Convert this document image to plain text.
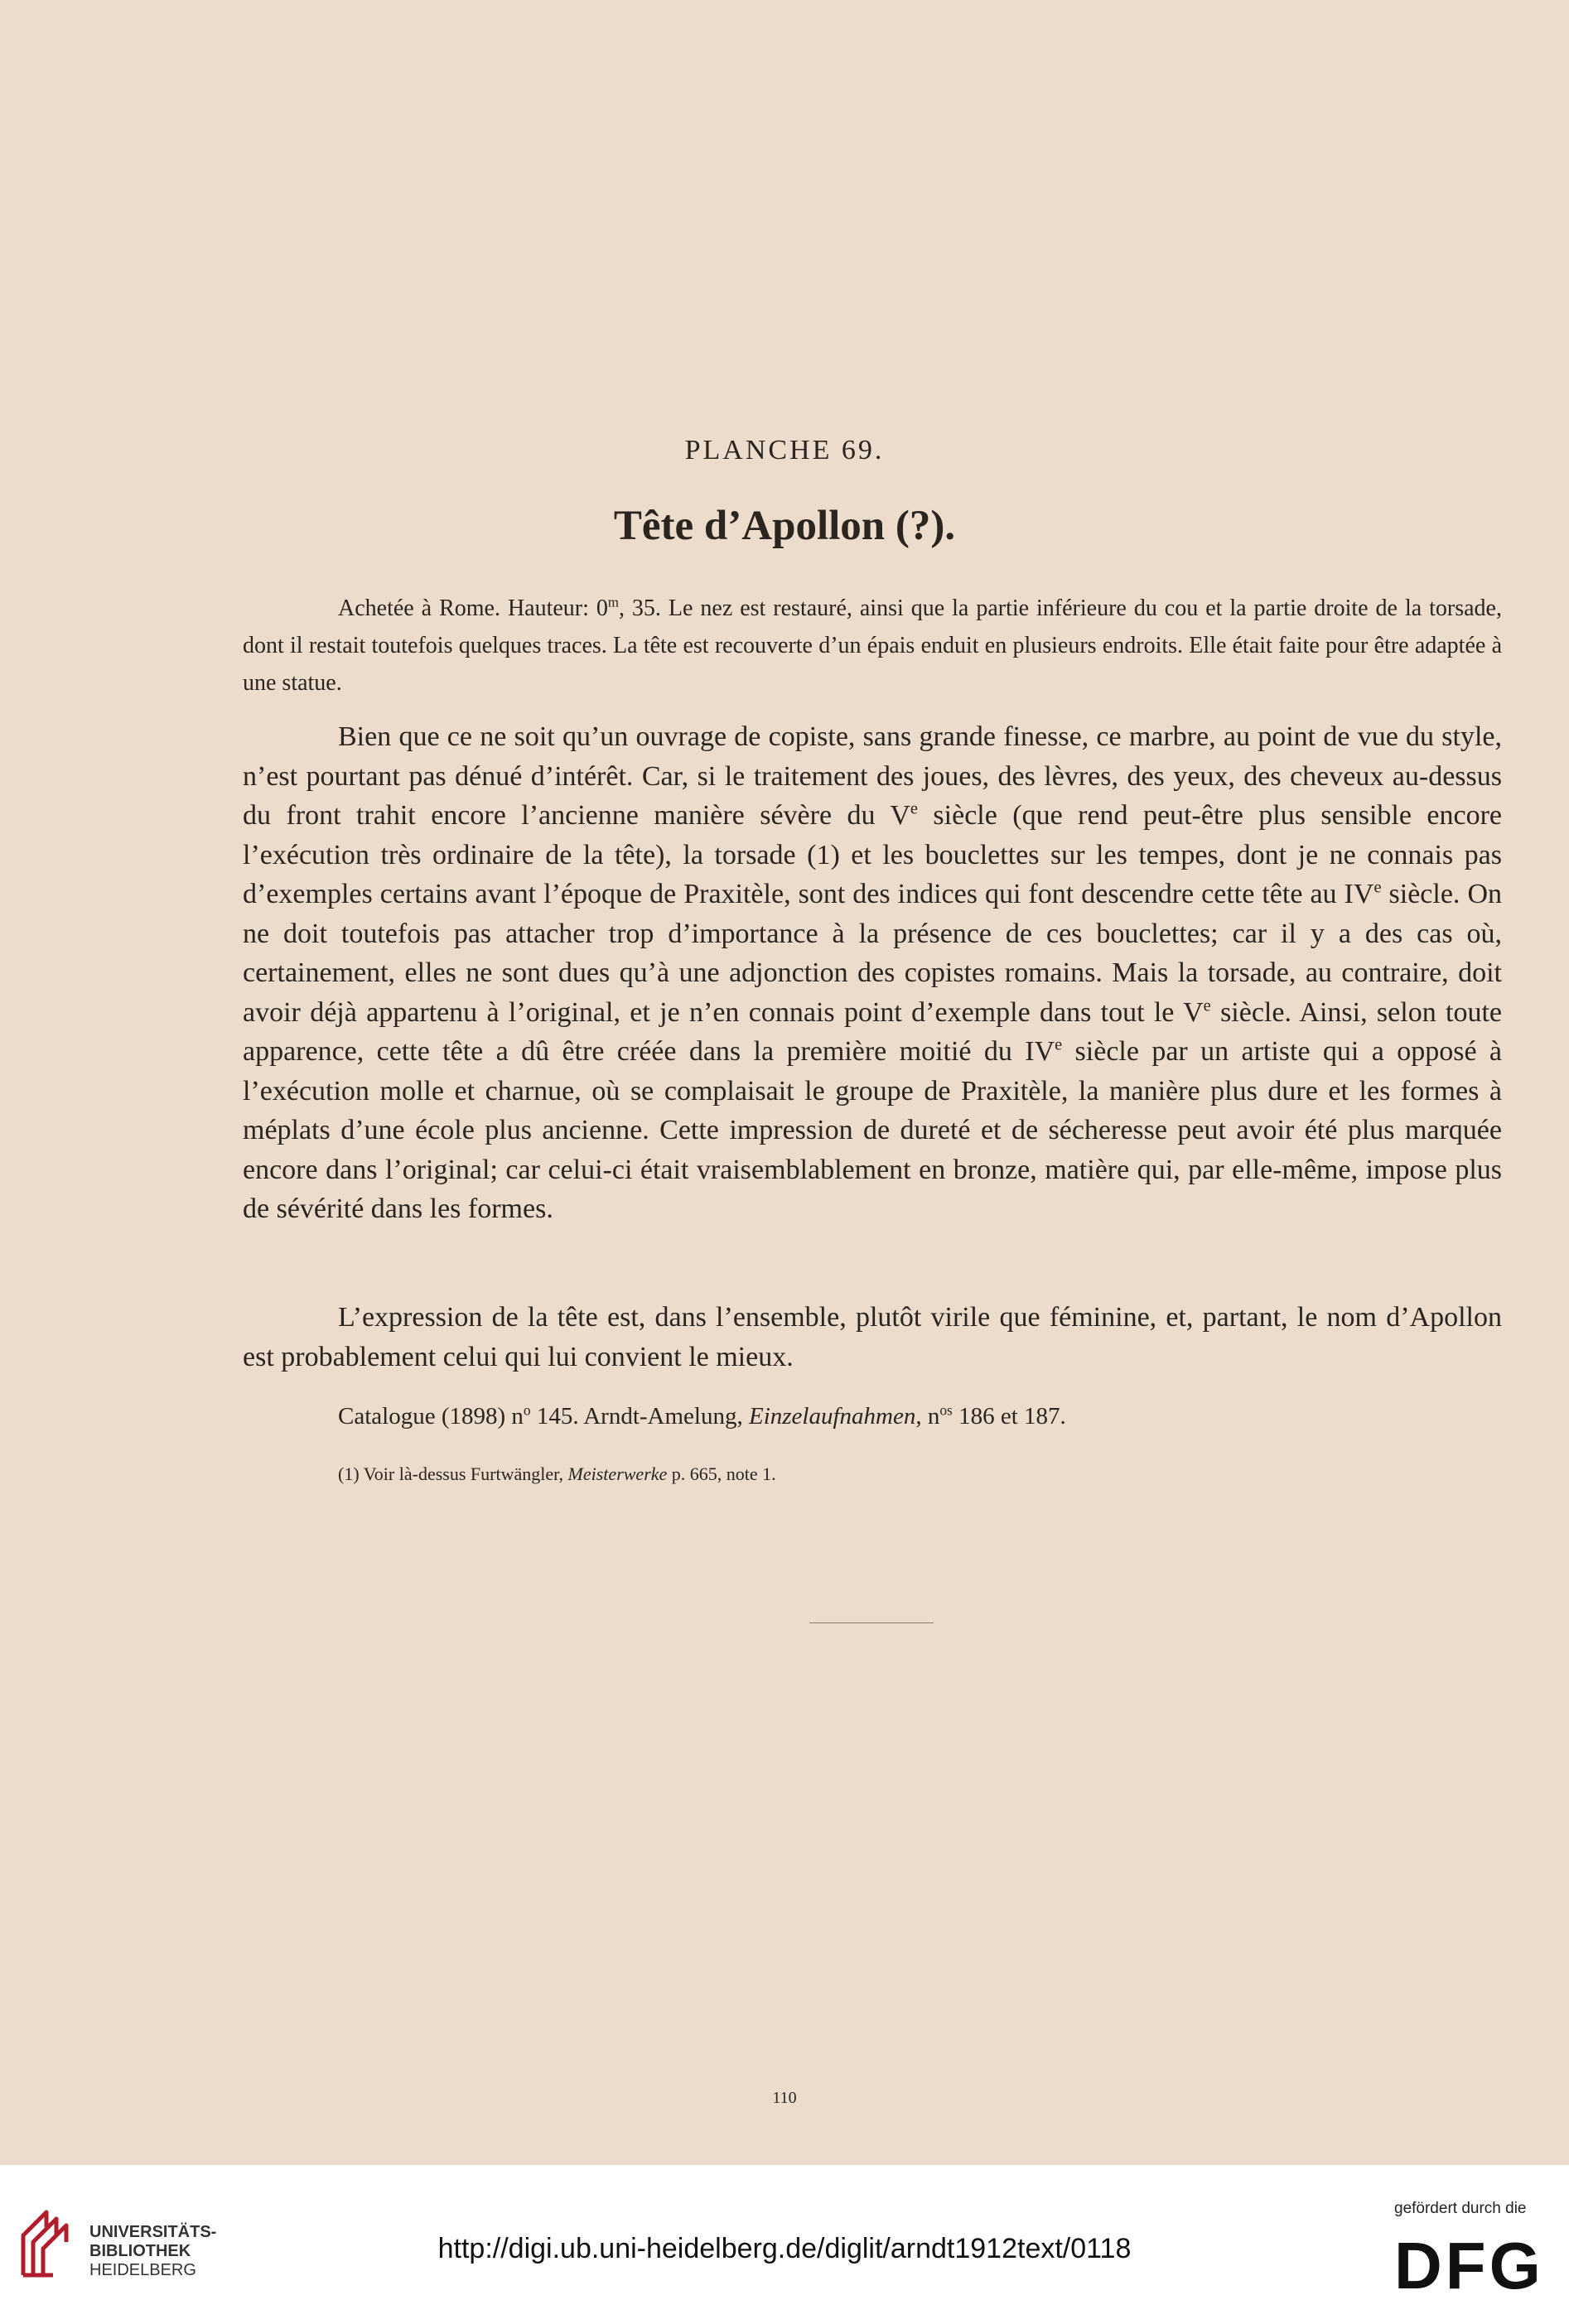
PLANCHE 69.
Tête d’Apollon (?).

Achetée à Rome. Hauteur: 0$^m$, 35. Le nez est restauré, ainsi que la partie inférieure du cou et la partie droite de la torsade, dont il restait toutefois quelques traces. La tête est recouverte d’un épais enduit en plusieurs endroits. Elle était faite pour être adaptée à une statue.

Bien que ce ne soit qu’un ouvrage de copiste, sans grande finesse, ce marbre, au point de vue du style, n’est pourtant pas dénué d’intérêt. Car, si le traitement des joues, des lèvres, des yeux, des cheveux au-dessus du front trahit encore l’ancienne manière sévère du Ve siècle (que rend peut-être plus sensible encore l’exécution très ordinaire de la tête), la torsade (1) et les bouclettes sur les tempes, dont je ne connais pas d’exemples certains avant l’époque de Praxitèle, sont des indices qui font descendre cette tête au IVe siècle. On ne doit toutefois pas attacher trop d’importance à la présence de ces bouclettes; car il y a des cas où, certainement, elles ne sont dues qu’à une adjonction des copistes romains. Mais la torsade, au contraire, doit avoir déjà appartenu à l’original, et je n’en connais point d’exemple dans tout le Ve siècle. Ainsi, selon toute apparence, cette tête a dû être créée dans la première moitié du IVe siècle par un artiste qui a opposé à l’exécution molle et charnue, où se complaisait le groupe de Praxitèle, la manière plus dure et les formes à méplats d’une école plus ancienne. Cette impression de dureté et de sécheresse peut avoir été plus marquée encore dans l’original; car celui-ci était vraisemblablement en bronze, matière qui, par elle-même, impose plus de sévérité dans les formes.

L’expression de la tête est, dans l’ensemble, plutôt virile que féminine, et, partant, le nom d’Apollon est probablement celui qui lui convient le mieux.

Catalogue (1898) $n^o$ 145. Arndt-Amelung, Einzelaufnahmen, $n^{os}$ 186 et 187.
(1) Voir là-dessus Furtwängler, Meisterwerke p. 665, note 1.
110
UNIVERSITÄTS-
BIBLIOTHEK
HEIDELBERG
http://digi.ub.uni-heidelberg.de/diglit/arndt1912text/0118
gefördert durch die
DFG
